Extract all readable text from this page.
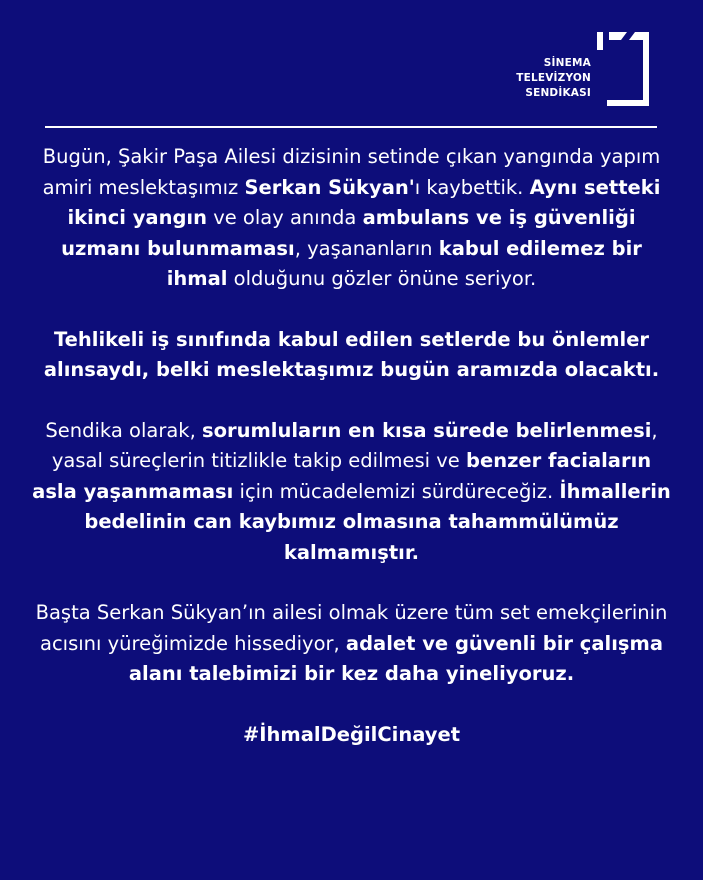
SİNEMA
TELEVİZYON
SENDİKASI

Bugün, Şakir Paşa Ailesi dizisinin setinde çıkan yangında yapım amiri meslektaşımız Serkan Sükyan'ı kaybettik. Aynı setteki ikinci yangın ve olay anında ambulans ve iş güvenliği uzmanı bulunmaması, yaşananların kabul edilemez bir ihmal olduğunu gözler önüne seriyor.

Tehlikeli iş sınıfında kabul edilen setlerde bu önlemler alınsaydı, belki meslektaşımız bugün aramızda olacaktı.

Sendika olarak, sorumluların en kısa sürede belirlenmesi, yasal süreçlerin titizlikle takip edilmesi ve benzer faciaların asla yaşanmaması için mücadelemizi sürdüreceğiz. İhmallerin bedelinin can kaybımız olmasına tahammülümüz kalmamıştır.

Başta Serkan Sükyan’ın ailesi olmak üzere tüm set emekçilerinin acısını yüreğimizde hissediyor, adalet ve güvenli bir çalışma alanı talebimizi bir kez daha yineliyoruz.

#İhmalDeğilCinayet
